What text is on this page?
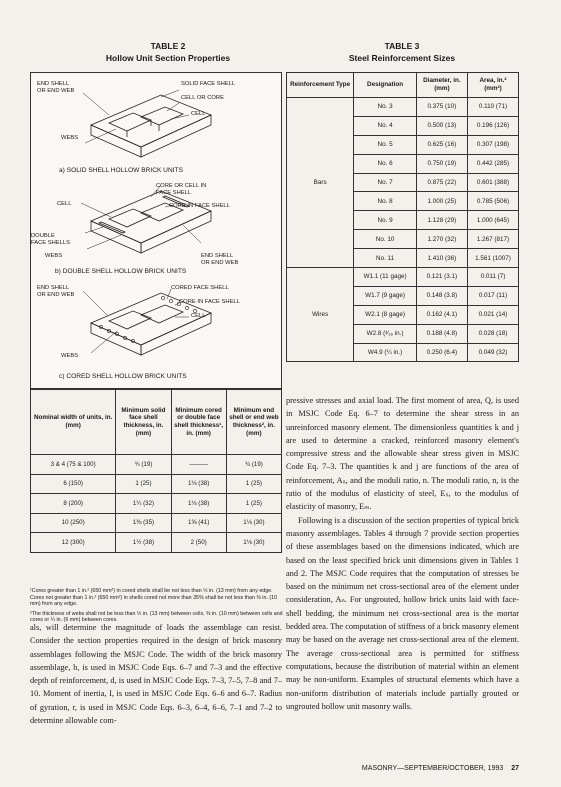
TABLE 2
Hollow Unit Section Properties
TABLE 3
Steel Reinforcement Sizes
END SHELL
OR END WEB
SOLID FACE SHELL
CELL OR CORE
CELL
WEBS
a) SOLID SHELL HOLLOW BRICK UNITS
CELL
CORE OR CELL IN
FACE SHELL
CORE IN FACE SHELL
DOUBLE
FACE SHELLS
WEBS	END SHELL
OR END WEB
b) DOUBLE SHELL HOLLOW BRICK UNITS
END SHELL
OR END WEB
CORED FACE SHELL
CORE IN FACE SHELL
CELL
WEBS
c) CORED SHELL HOLLOW BRICK UNITS
Nominal width of units, in. (mm)	Minimum solid face shell thickness, in. (mm)	Minimum cored or double face shell thickness¹, in. (mm)	Minimum end shell or end web thickness², in. (mm)
3 & 4 (75 & 100)	¾ (19)	———	¾ (19)
6 (150)	1 (25)	1⅛ (38)	1 (25)
8 (200)	1¼ (32)	1⅛ (38)	1 (25)
10 (250)	1⅜ (35)	1⅝ (41)	1⅛ (30)
12 (300)	1½ (38)	2 (50)	1⅛ (30)

¹Cores greater than 1 in.² (650 mm²) in cored shells shall be not less than ½ in. (13 mm) from any edge. Cores not greater than 1 in.² (650 mm²) in shells cored not more than 35% shall be not less than ⅜ in. (10 mm) from any edge.

²The thickness of webs shall not be less than ½ in. (13 mm) between cells, ⅜ in. (10 mm) between cells and cores or ¼ in. (6 mm) between cores.

Reinforcement Type	Designation	Diameter, in. (mm)	Area, in.² (mm²)
Bars	No. 3	0.375 (10)	0.110 (71)
	No. 4	0.500 (13)	0.196 (126)
	No. 5	0.625 (16)	0.307 (198)
	No. 6	0.750 (19)	0.442 (285)
	No. 7	0.875 (22)	0.601 (388)
	No. 8	1.000 (25)	0.785 (506)
	No. 9	1.128 (29)	1.000 (645)
	No. 10	1.270 (32)	1.267 (817)
	No. 11	1.410 (36)	1.561 (1007)
Wires	W1.1 (11 gage)	0.121 (3.1)	0.011 (7)
	W1.7 (9 gage)	0.148 (3.8)	0.017 (11)
	W2.1 (8 gage)	0.162 (4.1)	0.021 (14)
	W2.8 (³⁄₁₆ in.)	0.188 (4.8)	0.028 (18)
	W4.9 (¼ in.)	0.250 (6.4)	0.049 (32)
als, will determine the magnitude of loads the assemblage can resist. Consider the section properties required in the design of brick masonry assemblages following the MSJC Code. The width of the brick masonry assemblage, b, is used in MSJC Code Eqs. 6–7 and 7–3 and the effective depth of reinforcement, d, is used in MSJC Code Eqs. 7–3, 7–5, 7–8 and 7–10. Moment of inertia, I, is used in MSJC Code Eqs. 6–6 and 6–7. Radius of gyration, r, is used in MSJC Code Eqs. 6–3, 6–4, 6–6, 7–1 and 7–2 to determine allowable com-

pressive stresses and axial load. The first moment of area, Q, is used in MSJC Code Eq. 6–7 to determine the shear stress in an unreinforced masonry element. The dimensionless quantities k and j are used to determine a cracked, reinforced masonry element's compressive stress and the allowable shear stress given in MSJC Code Eq. 7–3. The quantities k and j are functions of the area of reinforcement, Aₛ, and the moduli ratio, n. The moduli ratio, n, is the ratio of the modulus of elasticity of steel, Eₛ, to the modulus of elasticity of masonry, Eₘ.

Following is a discussion of the section properties of typical brick masonry assemblages. Tables 4 through 7 provide section properties of these assemblages based on the dimensions indicated, which are based on the least specified brick unit dimensions given in Tables 1 and 2. The MSJC Code requires that the computation of stresses be based on the minimum net cross-sectional area of the element under consideration, Aₙ. For ungrouted, hollow brick units laid with face-shell bedding, the minimum net cross-sectional area is the mortar bedded area. The computation of stiffness of a brick masonry element may be based on the average net cross-sectional area of the element. The average cross-sectional area is permitted for stiffness computations, because the distribution of material within an element may be non-uniform. Examples of structural elements which have a non-uniform distribution of materials include partially grouted or ungrouted hollow unit masonry walls.

MASONRY—SEPTEMBER/OCTOBER, 1993 27
